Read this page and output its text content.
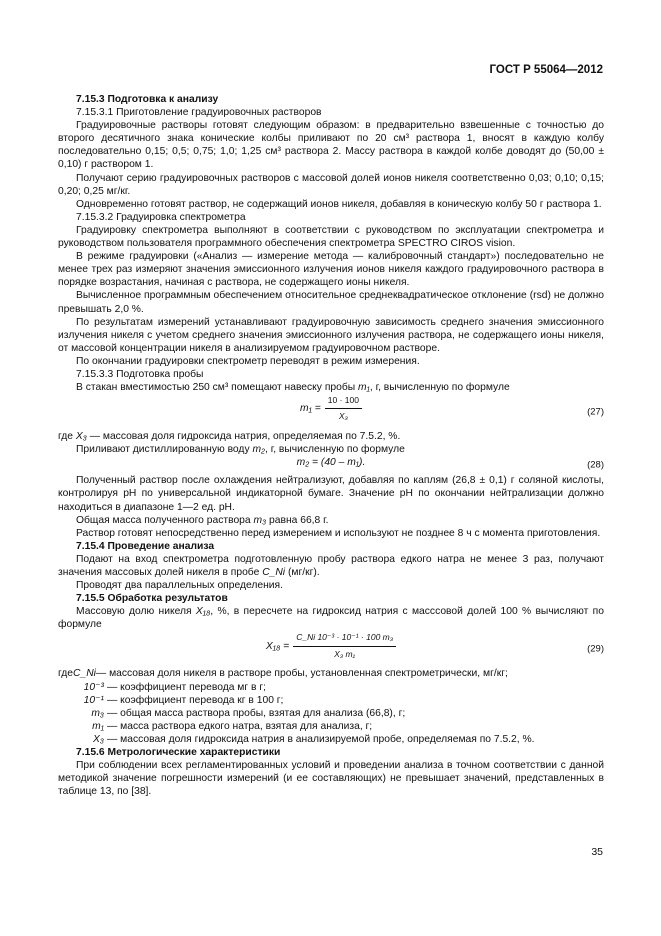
ГОСТ Р 55064—2012

7.15.3 Подготовка к анализу

7.15.3.1 Приготовление градуировочных растворов

Градуировочные растворы готовят следующим образом: в предварительно взвешенные с точностью до второго десятичного знака конические колбы приливают по 20 см³ раствора 1, вносят в каждую колбу последовательно 0,15; 0,5; 0,75; 1,0; 1,25 см³ раствора 2. Массу раствора в каждой колбе доводят до (50,00 ± 0,10) г раствором 1.

Получают серию градуировочных растворов с массовой долей ионов никеля соответственно 0,03; 0,10; 0,15; 0,20; 0,25 мг/кг.

Одновременно готовят раствор, не содержащий ионов никеля, добавляя в коническую колбу 50 г раствора 1.

7.15.3.2 Градуировка спектрометра

Градуировку спектрометра выполняют в соответствии с руководством по эксплуатации спектрометра и руководством пользователя программного обеспечения спектрометра SPECTRO CIROS vision.

В режиме градуировки («Анализ — измерение метода — калибровочный стандарт») последовательно не менее трех раз измеряют значения эмиссионного излучения ионов никеля каждого градуировочного раствора в порядке возрастания, начиная с раствора, не содержащего ионы никеля.

Вычисленное программным обеспечением относительное среднеквадратическое отклонение (rsd) не должно превышать 2,0 %.

По результатам измерений устанавливают градуировочную зависимость среднего значения эмиссионного излучения никеля с учетом среднего значения эмиссионного излучения раствора, не содержащего ионы никеля, от массовой концентрации никеля в анализируемом градуировочном растворе.

По окончании градуировки спектрометр переводят в режим измерения.

7.15.3.3 Подготовка пробы

В стакан вместимостью 250 см³ помещают навеску пробы m₁, г, вычисленную по формуле

$m_1 = \frac{10 \cdot 100}{\text{X₃}}$	(27)

где X₃ — массовая доля гидроксида натрия, определяемая по 7.5.2, %.

Приливают дистиллированную воду m₂, г, вычисленную по формуле

m₂ = (40 – m₁).	(28)

Полученный раствор после охлаждения нейтрализуют, добавляя по каплям (26,8 ± 0,1) г соляной кислоты, контролируя pH по универсальной индикаторной бумаге. Значение pH по окончании нейтрализации должно находиться в диапазоне 1—2 ед. pH.

Общая масса полученного раствора m₃ равна 66,8 г.

Раствор готовят непосредственно перед измерением и используют не позднее 8 ч с момента приготовления.

7.15.4 Проведение анализа

Подают на вход спектрометра подготовленную пробу раствора едкого натра не менее 3 раз, получают значения массовых долей никеля в пробе C_Ni (мг/кг).

Проводят два параллельных определения.

7.15.5 Обработка результатов

Массовую долю никеля X₁₈, %, в пересчете на гидроксид натрия с масссовой долей 100 % вычисляют по формуле

$X_{18} = \frac{\text{C\_Ni 10⁻³ · 10⁻¹ · 100 m₃}}{\text{X₃ m₁}}$	(29)
где C_Ni — массовая доля никеля в растворе пробы, установленная спектрометрически, мг/кг;
10⁻³ — коэффициент перевода мг в г;
10⁻¹ — коэффициент перевода кг в 100 г;
m₃ — общая масса раствора пробы, взятая для анализа (66,8), г;
m₁ — масса раствора едкого натра, взятая для анализа, г;
X₃ — массовая доля гидроксида натрия в анализируемой пробе, определяемая по 7.5.2, %.

7.15.6 Метрологические характеристики

При соблюдении всех регламентированных условий и проведении анализа в точном соответствии с данной методикой значение погрешности измерений (и ее составляющих) не превышает значений, представленных в таблице 13, по [38].

35
